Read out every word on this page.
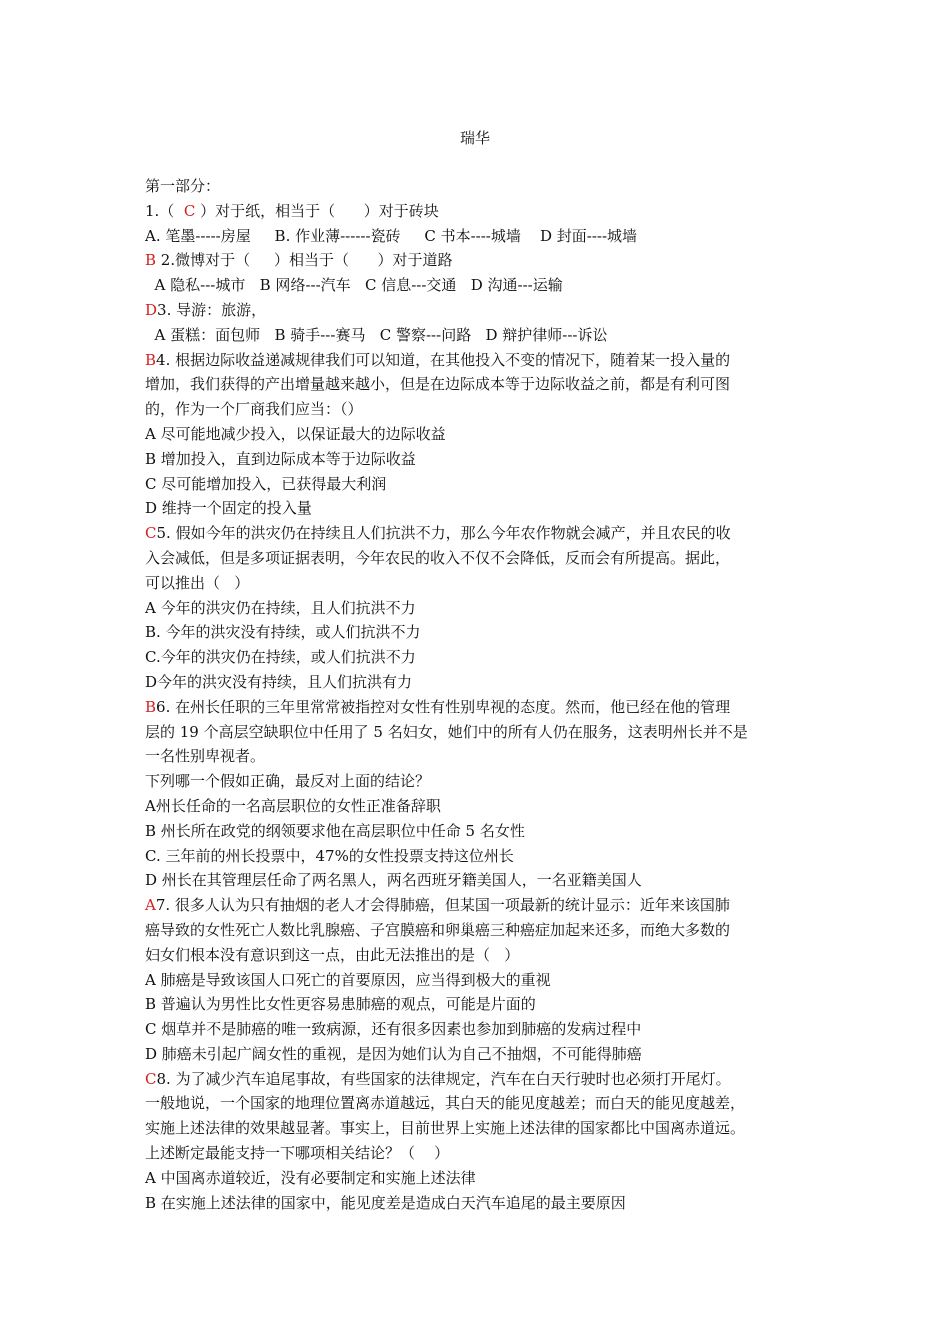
瑞华
第一部分：
1.（  C ）对于纸，相当于（      ）对于砖块
A. 笔墨-----房屋     B. 作业薄------瓷砖     C 书本----城墙    D 封面----城墙
B 2.微博对于（     ）相当于（      ）对于道路
A 隐私---城市   B 网络---汽车   C 信息---交通   D 沟通---运输
D3. 导游：旅游，
A 蛋糕：面包师   B 骑手---赛马   C 警察---问路   D 辩护律师---诉讼
B4. 根据边际收益递减规律我们可以知道，在其他投入不变的情况下，随着某一投入量的
增加，我们获得的产出增量越来越小，但是在边际成本等于边际收益之前，都是有利可图
的，作为一个厂商我们应当：（）
A 尽可能地减少投入，以保证最大的边际收益
B 增加投入，直到边际成本等于边际收益
C 尽可能增加投入，已获得最大利润
D 维持一个固定的投入量
C5. 假如今年的洪灾仍在持续且人们抗洪不力，那么今年农作物就会减产，并且农民的收
入会减低，但是多项证据表明，今年农民的收入不仅不会降低，反而会有所提高。据此，
可以推出（   ）
A 今年的洪灾仍在持续，且人们抗洪不力
B. 今年的洪灾没有持续，或人们抗洪不力
C.今年的洪灾仍在持续，或人们抗洪不力
D今年的洪灾没有持续，且人们抗洪有力
B6. 在州长任职的三年里常常被指控对女性有性别卑视的态度。然而，他已经在他的管理
层的 19 个高层空缺职位中任用了 5 名妇女，她们中的所有人仍在服务，这表明州长并不是
一名性别卑视者。
下列哪一个假如正确，最反对上面的结论？
A州长任命的一名高层职位的女性正准备辞职
B 州长所在政党的纲领要求他在高层职位中任命 5 名女性
C. 三年前的州长投票中，47%的女性投票支持这位州长
D 州长在其管理层任命了两名黑人，两名西班牙籍美国人，一名亚籍美国人
A7. 很多人认为只有抽烟的老人才会得肺癌，但某国一项最新的统计显示：近年来该国肺
癌导致的女性死亡人数比乳腺癌、子宫膜癌和卵巢癌三种癌症加起来还多，而绝大多数的
妇女们根本没有意识到这一点，由此无法推出的是（   ）
A 肺癌是导致该国人口死亡的首要原因，应当得到极大的重视
B 普遍认为男性比女性更容易患肺癌的观点，可能是片面的
C 烟草并不是肺癌的唯一致病源，还有很多因素也参加到肺癌的发病过程中
D 肺癌未引起广阔女性的重视，是因为她们认为自己不抽烟，不可能得肺癌
C8. 为了减少汽车追尾事故，有些国家的法律规定，汽车在白天行驶时也必须打开尾灯。
一般地说，一个国家的地理位置离赤道越远，其白天的能见度越差；而白天的能见度越差，
实施上述法律的效果越显著。事实上，目前世界上实施上述法律的国家都比中国离赤道远。
上述断定最能支持一下哪项相关结论？（    ）
A 中国离赤道较近，没有必要制定和实施上述法律
B 在实施上述法律的国家中，能见度差是造成白天汽车追尾的最主要原因
